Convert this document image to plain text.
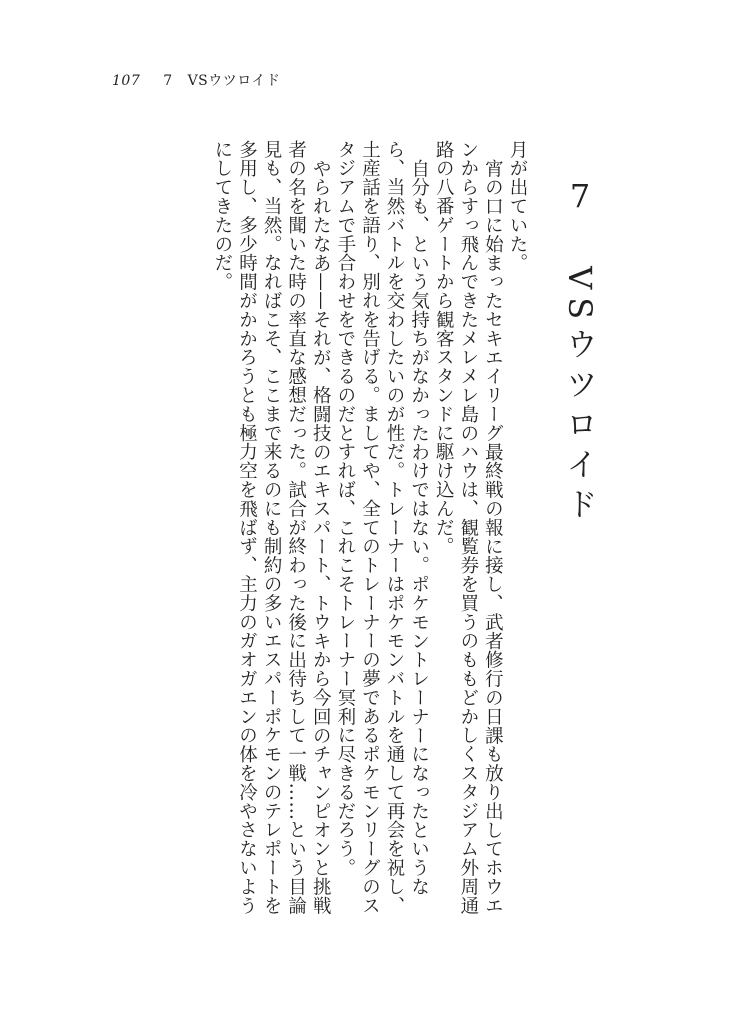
107 7 VSウツロイド
7 VSウツロイド

月が出ていた。

宵の口に始まったセキエイリーグ最終戦の報に接し、武者修行の日課も放り出してホウエンからすっ飛んできたメレメレ島のハウは、観覧券を買うのももどかしくスタジアム外周通路の八番ゲートから観客スタンドに駆け込んだ。

自分も、という気持ちがなかったわけではない。ポケモントレーナーになったというなら、当然バトルを交わしたいのが性だ。トレーナーはポケモンバトルを通して再会を祝し、土産話を語り、別れを告げる。ましてや、全てのトレーナーの夢であるポケモンリーグのスタジアムで手合わせをできるのだとすれば、これこそトレーナー冥利に尽きるだろう。

やられたなあ——それが、格闘技のエキスパート、トウキから今回のチャンピオンと挑戦者の名を聞いた時の率直な感想だった。試合が終わった後に出待ちして一戦……という目論見も、当然。なればこそ、ここまで来るのにも制約の多いエスパーポケモンのテレポートを多用し、多少時間がかかろうとも極力空を飛ばず、主力のガオガエンの体を冷やさないようにしてきたのだ。
